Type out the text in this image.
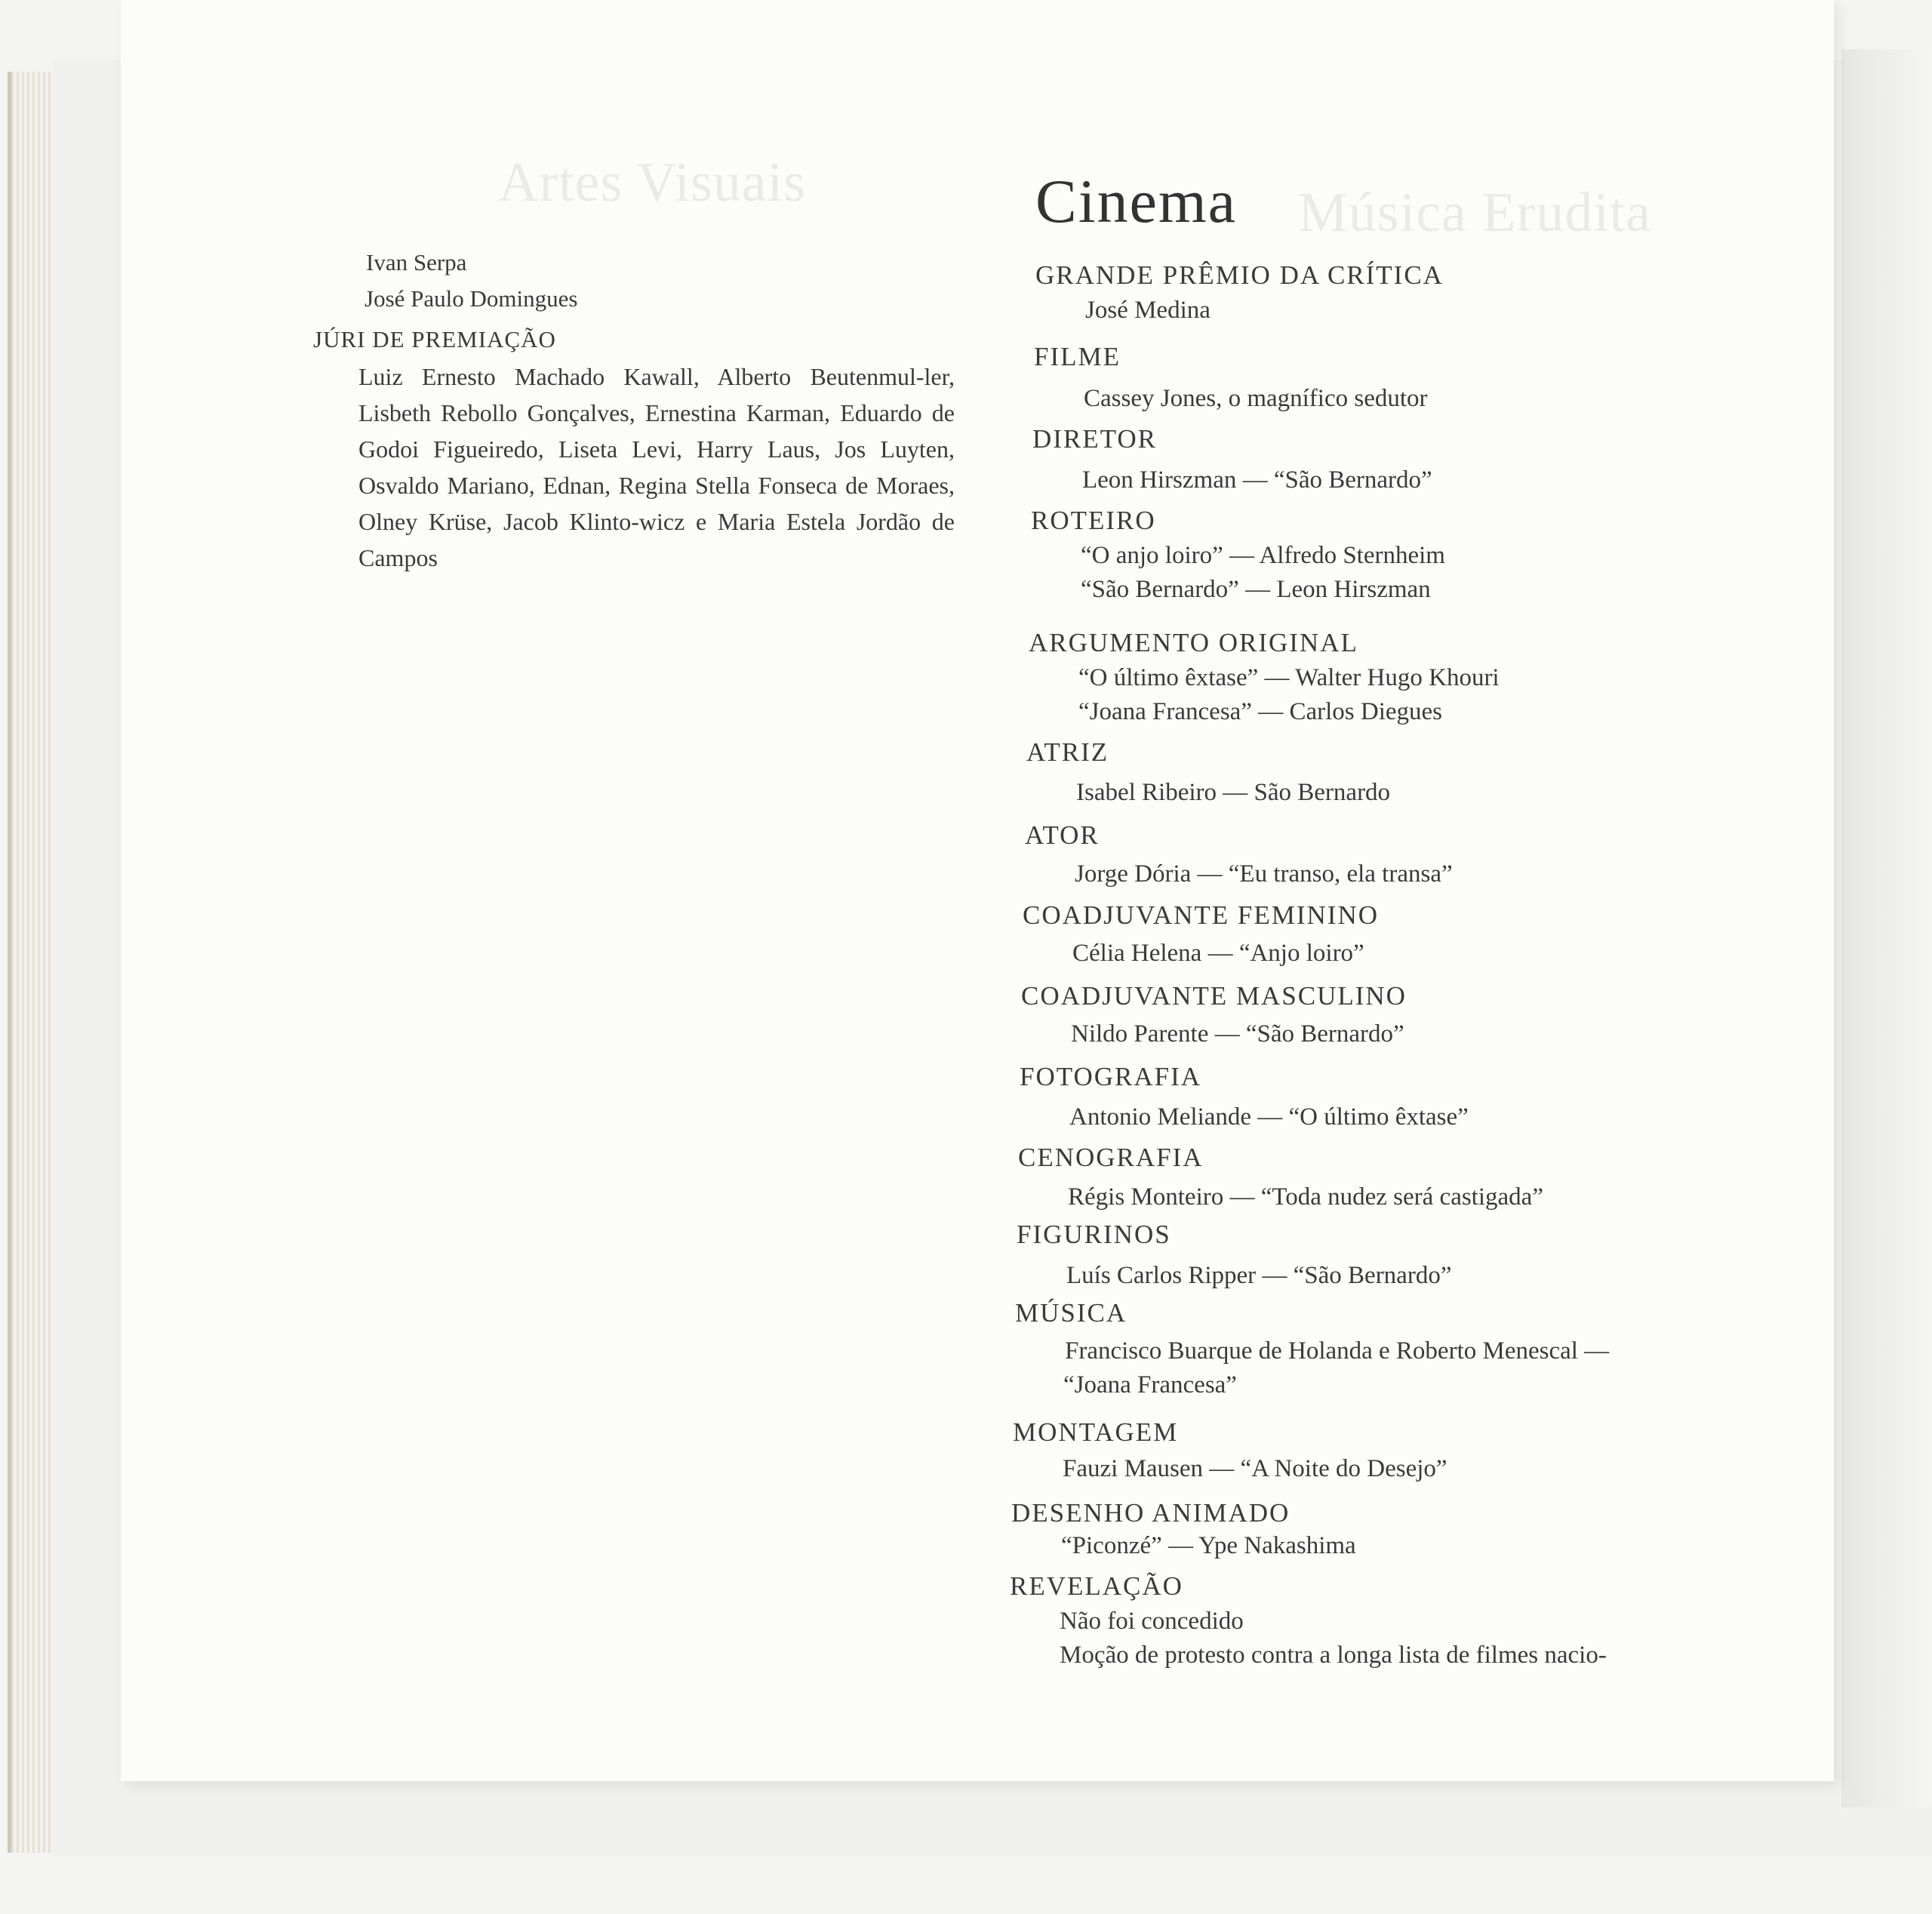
Artes Visuais	Música Erudita
Ivan Serpa
José Paulo Domingues
JÚRI DE PREMIAÇÃO
Luiz Ernesto Machado Kawall, Alberto Beutenmul-ler, Lisbeth Rebollo Gonçalves, Ernestina Karman, Eduardo de Godoi Figueiredo, Liseta Levi, Harry Laus, Jos Luyten, Osvaldo Mariano, Ednan, Regina Stella Fonseca de Moraes, Olney Krüse, Jacob Klinto-wicz e Maria Estela Jordão de Campos
Cinema
GRANDE PRÊMIO DA CRÍTICA
José Medina
FILME
Cassey Jones, o magnífico sedutor
DIRETOR
Leon Hirszman — “São Bernardo”
ROTEIRO
“O anjo loiro” — Alfredo Sternheim
“São Bernardo” — Leon Hirszman
ARGUMENTO ORIGINAL
“O último êxtase” — Walter Hugo Khouri
“Joana Francesa” — Carlos Diegues
ATRIZ
Isabel Ribeiro — São Bernardo
ATOR
Jorge Dória — “Eu transo, ela transa”
COADJUVANTE FEMININO
Célia Helena — “Anjo loiro”
COADJUVANTE MASCULINO
Nildo Parente — “São Bernardo”
FOTOGRAFIA
Antonio Meliande — “O último êxtase”
CENOGRAFIA
Régis Monteiro — “Toda nudez será castigada”
FIGURINOS
Luís Carlos Ripper — “São Bernardo”
MÚSICA
Francisco Buarque de Holanda e Roberto Menescal —
“Joana Francesa”
MONTAGEM
Fauzi Mausen — “A Noite do Desejo”
DESENHO ANIMADO
“Piconzé” — Ype Nakashima
REVELAÇÃO
Não foi concedido
Moção de protesto contra a longa lista de filmes nacio-
